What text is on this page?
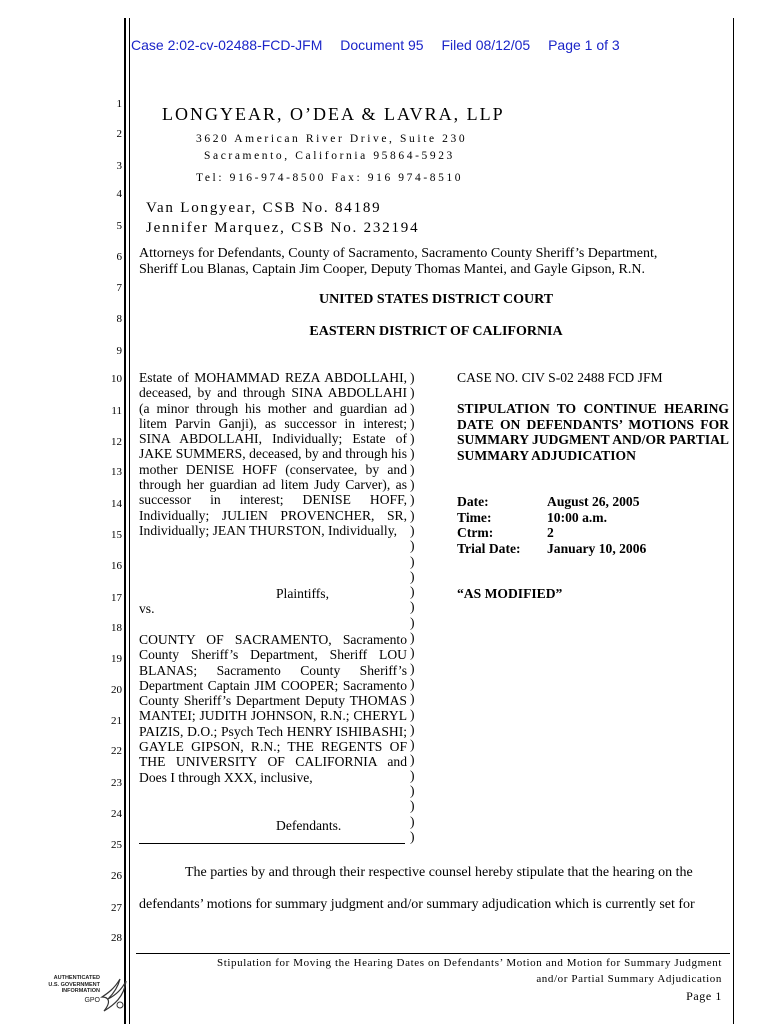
Case 2:02-cv-02488-FCD-JFM Document 95 Filed 08/12/05 Page 1 of 3
1
2
3
4
5
6
7
8
9
10
11
12
13
14
15
16
17
18
19
20
21
22
23
24
25
26
27
28
LONGYEAR, O’DEA & LAVRA, LLP
3620 American River Drive, Suite 230
Sacramento, California 95864-5923
Tel: 916-974-8500 Fax: 916 974-8510
Van Longyear, CSB No. 84189
Jennifer Marquez, CSB No. 232194
Attorneys for Defendants, County of Sacramento, Sacramento County Sheriff’s Department,
Sheriff Lou Blanas, Captain Jim Cooper, Deputy Thomas Mantei, and Gayle Gipson, R.N.
UNITED STATES DISTRICT COURT
EASTERN DISTRICT OF CALIFORNIA

Estate of MOHAMMAD REZA ABDOLLAHI, deceased, by and through SINA ABDOLLAHI (a minor through his mother and guardian ad litem Parvin Ganji), as successor in interest; SINA ABDOLLAHI, Individually; Estate of JAKE SUMMERS, deceased, by and through his mother DENISE HOFF (conservatee, by and through her guardian ad litem Judy Carver), as successor in interest; DENISE HOFF, Individually; JULIEN PROVENCHER, SR, Individually; JEAN THURSTON, Individually,

Plaintiffs,
vs.

COUNTY OF SACRAMENTO, Sacramento County Sheriff’s Department, Sheriff LOU BLANAS; Sacramento County Sheriff’s Department Captain JIM COOPER; Sacramento County Sheriff’s Department Deputy THOMAS MANTEI; JUDITH JOHNSON, R.N.; CHERYL PAIZIS, D.O.; Psych Tech HENRY ISHIBASHI; GAYLE GIPSON, R.N.; THE REGENTS OF THE UNIVERSITY OF CALIFORNIA and Does I through XXX, inclusive,

Defendants.
)
)
)
)
)
)
)
)
)
)
)
)
)
)
)
)
)
)
)
)
)
)
)
)
)
)
)
)
)
)
)
CASE NO. CIV S-02 2488 FCD JFM
STIPULATION TO CONTINUE HEARING DATE ON DEFENDANTS’ MOTIONS FOR SUMMARY JUDGMENT AND/OR PARTIAL SUMMARY ADJUDICATION
Date:	August 26, 2005
Time:	10:00 a.m.
Ctrm:	2
Trial Date:	January 10, 2006
“AS MODIFIED”
The parties by and through their respective counsel hereby stipulate that the hearing on the
defendants’ motions for summary judgment and/or summary adjudication which is currently set for
Stipulation for Moving the Hearing Dates on Defendants’ Motion and Motion for Summary Judgment
and/or Partial Summary Adjudication
Page 1
AUTHENTICATED
U.S. GOVERNMENT
INFORMATION
GPO
